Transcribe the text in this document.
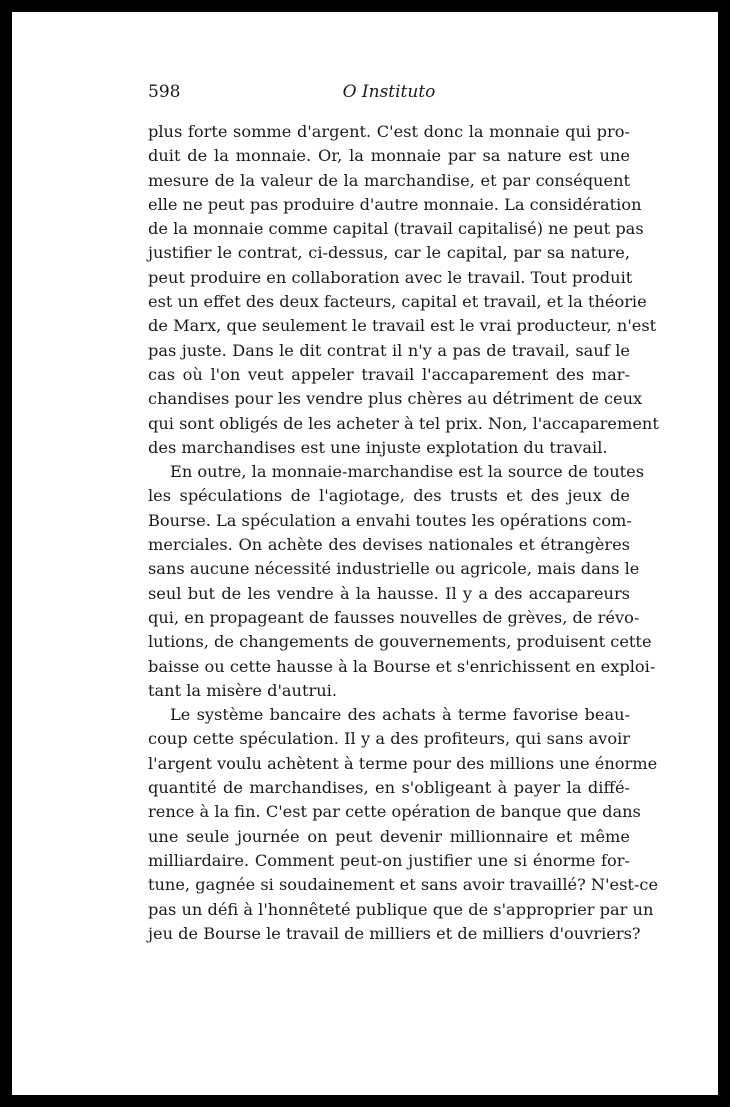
598	O Instituto
plus forte somme d'argent. C'est donc la monnaie qui pro-
duit de la monnaie. Or, la monnaie par sa nature est une
mesure de la valeur de la marchandise, et par conséquent
elle ne peut pas produire d'autre monnaie. La considération
de la monnaie comme capital (travail capitalisé) ne peut pas
justifier le contrat, ci-dessus, car le capital, par sa nature,
peut produire en collaboration avec le travail. Tout produit
est un effet des deux facteurs, capital et travail, et la théorie
de Marx, que seulement le travail est le vrai producteur, n'est
pas juste. Dans le dit contrat il n'y a pas de travail, sauf le
cas où l'on veut appeler travail l'accaparement des mar-
chandises pour les vendre plus chères au détriment de ceux
qui sont obligés de les acheter à tel prix. Non, l'accaparement
des marchandises est une injuste explotation du travail.
En outre, la monnaie-marchandise est la source de toutes
les spéculations de l'agiotage, des trusts et des jeux de
Bourse. La spéculation a envahi toutes les opérations com-
merciales. On achète des devises nationales et étrangères
sans aucune nécessité industrielle ou agricole, mais dans le
seul but de les vendre à la hausse. Il y a des accapareurs
qui, en propageant de fausses nouvelles de grèves, de révo-
lutions, de changements de gouvernements, produisent cette
baisse ou cette hausse à la Bourse et s'enrichissent en exploi-
tant la misère d'autrui.
Le système bancaire des achats à terme favorise beau-
coup cette spéculation. Il y a des profiteurs, qui sans avoir
l'argent voulu achètent à terme pour des millions une énorme
quantité de marchandises, en s'obligeant à payer la diffé-
rence à la fin. C'est par cette opération de banque que dans
une seule journée on peut devenir millionnaire et même
milliardaire. Comment peut-on justifier une si énorme for-
tune, gagnée si soudainement et sans avoir travaillé? N'est-ce
pas un défi à l'honnêteté publique que de s'approprier par un
jeu de Bourse le travail de milliers et de milliers d'ouvriers?
